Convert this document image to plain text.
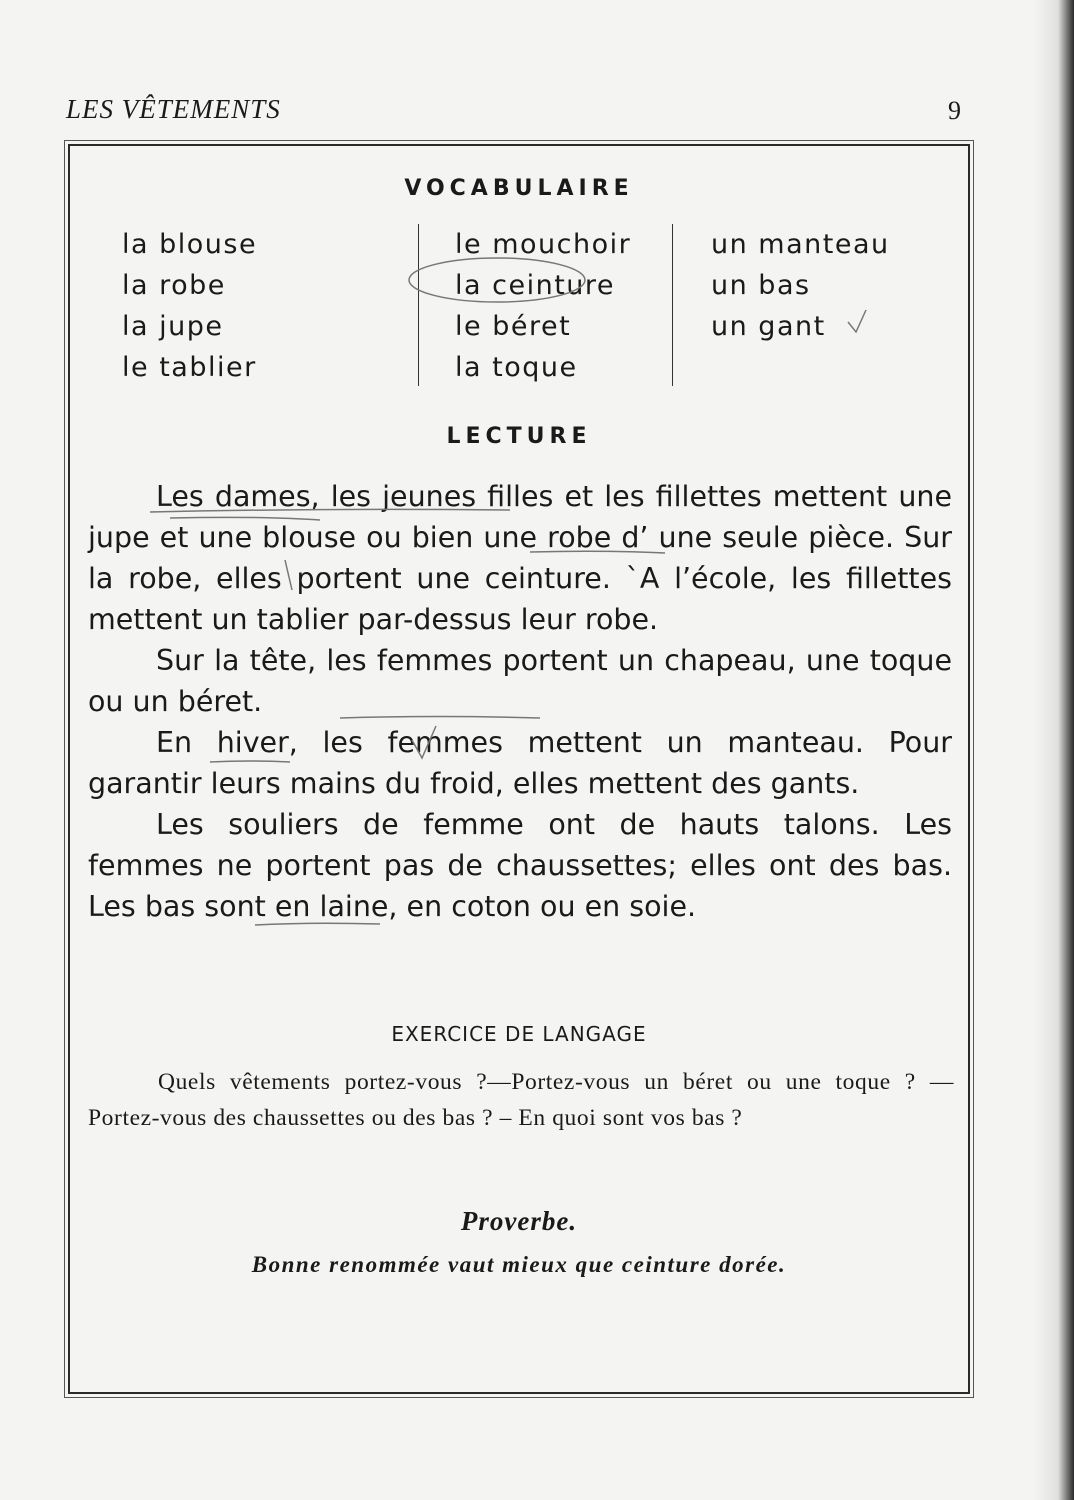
LES VÊTEMENTS	9
VOCABULAIRE
la blouse
la robe
la jupe
le tablier
le mouchoir
la ceinture
le béret
la toque
un manteau
un bas
un gant
LECTURE

Les dames, les jeunes filles et les fillettes mettent une jupe et une blouse ou bien une robe d’ une seule pièce. Sur la robe, elles portent une ceinture. `A l’école, les fillettes mettent un tablier par-dessus leur robe.

Sur la tête, les femmes portent un chapeau, une toque ou un béret.

En hiver, les femmes mettent un manteau. Pour garantir leurs mains du froid, elles mettent des gants.

Les souliers de femme ont de hauts talons. Les femmes ne portent pas de chaussettes; elles ont des bas. Les bas sont en laine, en coton ou en soie.

EXERCICE DE LANGAGE

Quels vêtements portez-vous ?—Portez-vous un béret ou une toque ? — Portez-vous des chaussettes ou des bas ? – En quoi sont vos bas ?

Proverbe.
Bonne renommée vaut mieux que ceinture dorée.
